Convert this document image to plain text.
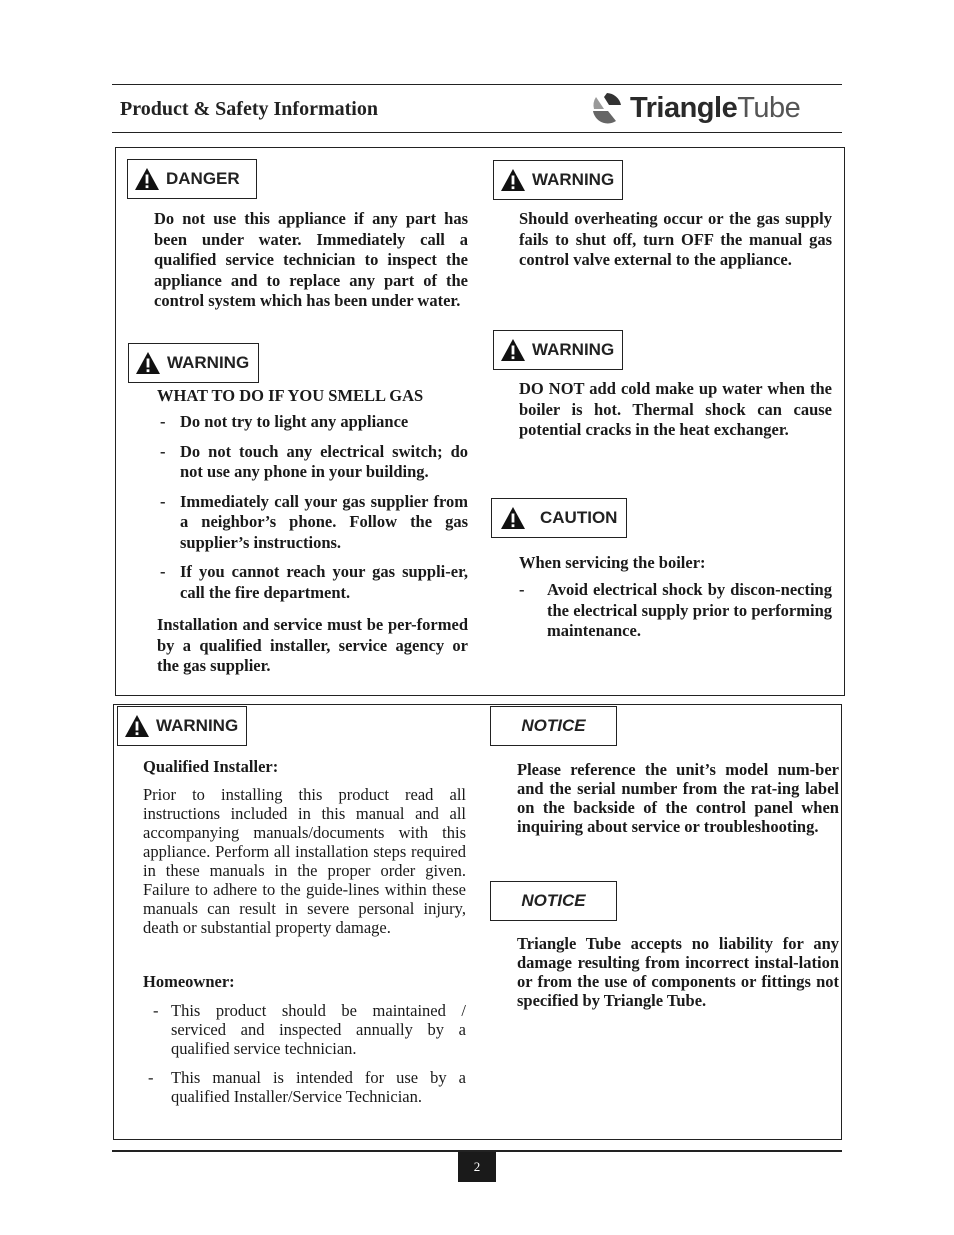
Product & Safety Information	TriangleTube
DANGER
Do not use this appliance if any part has been under water. Immediately call a qualified service technician to inspect the appliance and to replace any part of the control system which has been under water.
WARNING
WHAT TO DO IF YOU SMELL GAS
- Do not try to light any appliance
- Do not touch any electrical switch; do not use any phone in your building.
- Immediately call your gas supplier from a neighbor’s phone. Follow the gas supplier’s instructions.
- If you cannot reach your gas suppli-er, call the fire department.
Installation and service must be per-formed by a qualified installer, service agency or the gas supplier.
WARNING
Should overheating occur or the gas supply fails to shut off, turn OFF the manual gas control valve external to the appliance.
WARNING
DO NOT add cold make up water when the boiler is hot. Thermal shock can cause potential cracks in the heat exchanger.
CAUTION
When servicing the boiler:
- Avoid electrical shock by discon-necting the electrical supply prior to performing maintenance.
WARNING
Qualified Installer:
Prior to installing this product read all instructions included in this manual and all accompanying manuals/documents with this appliance. Perform all installation steps required in these manuals in the proper order given. Failure to adhere to the guide-lines within these manuals can result in severe personal injury, death or substantial property damage.
Homeowner:
- This product should be maintained / serviced and inspected annually by a qualified service technician.
- This manual is intended for use by a qualified Installer/Service Technician.
NOTICE
Please reference the unit’s model num-ber and the serial number from the rat-ing label on the backside of the control panel when inquiring about service or troubleshooting.
NOTICE
Triangle Tube accepts no liability for any damage resulting from incorrect instal-lation or from the use of components or fittings not specified by Triangle Tube.
2
